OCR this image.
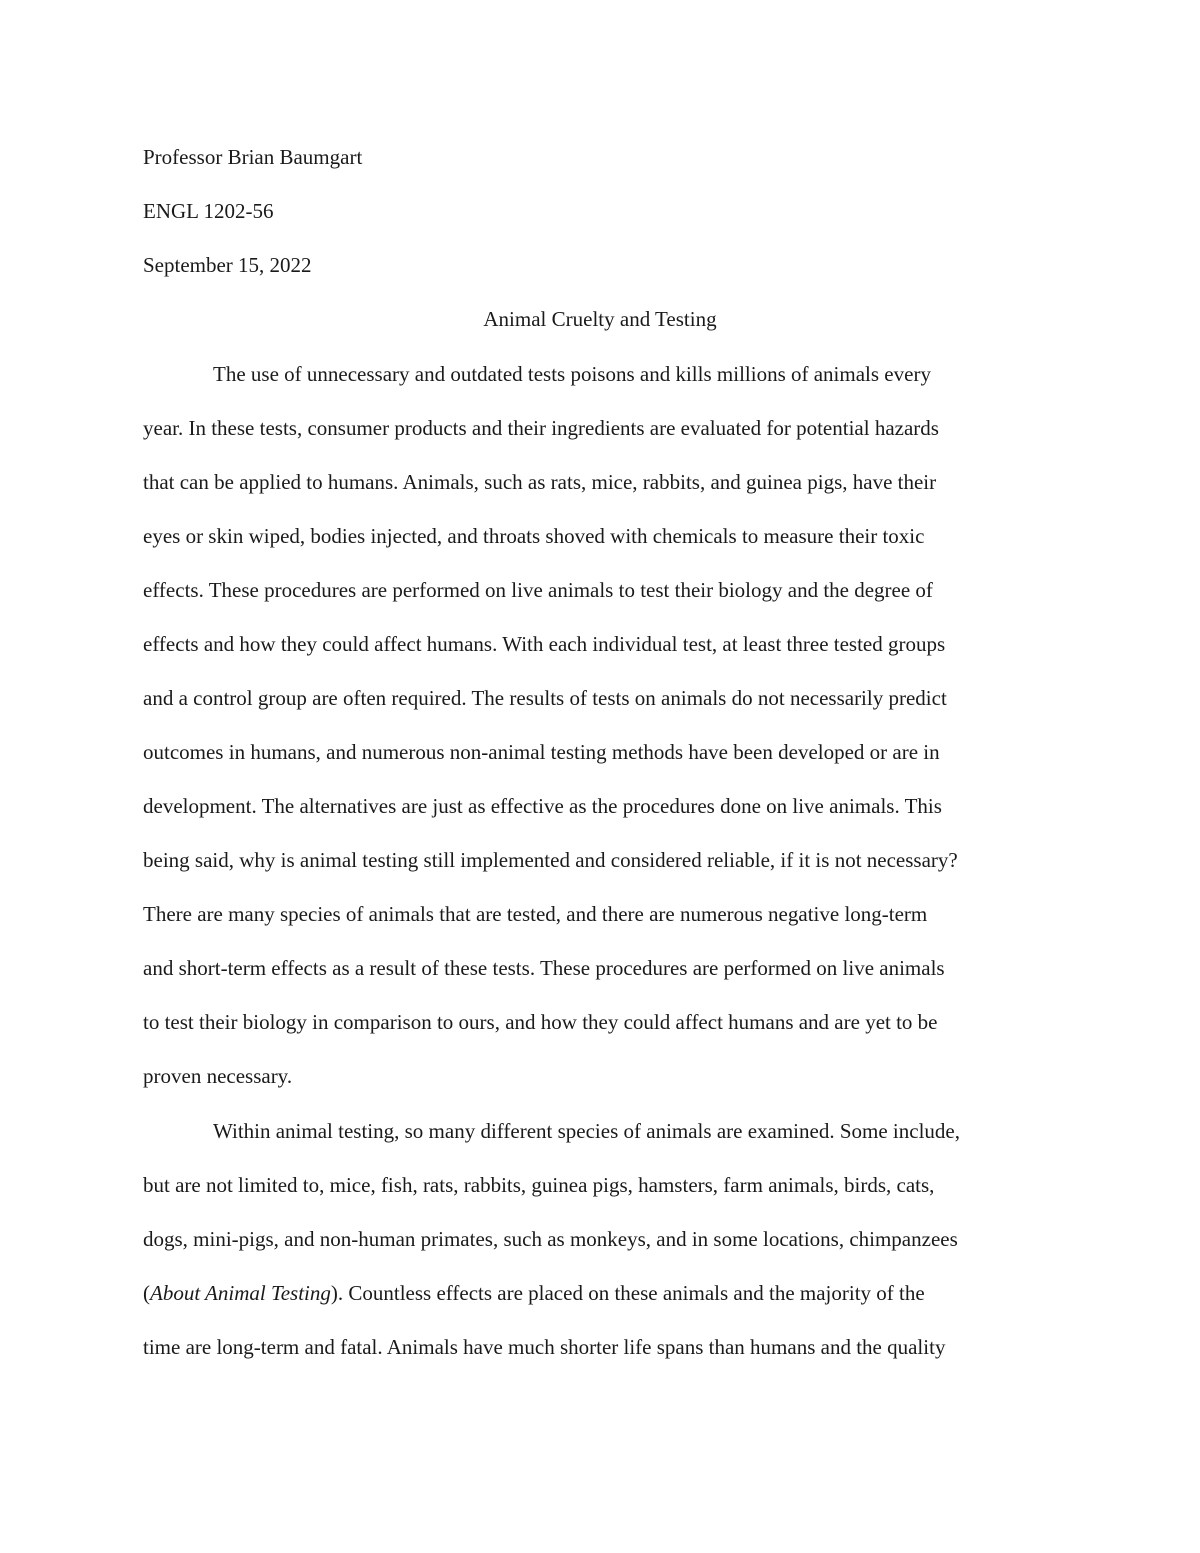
Professor Brian Baumgart
ENGL 1202-56
September 15, 2022
Animal Cruelty and Testing
The use of unnecessary and outdated tests poisons and kills millions of animals every
year. In these tests, consumer products and their ingredients are evaluated for potential hazards
that can be applied to humans. Animals, such as rats, mice, rabbits, and guinea pigs, have their
eyes or skin wiped, bodies injected, and throats shoved with chemicals to measure their toxic
effects. These procedures are performed on live animals to test their biology and the degree of
effects and how they could affect humans. With each individual test, at least three tested groups
and a control group are often required. The results of tests on animals do not necessarily predict
outcomes in humans, and numerous non-animal testing methods have been developed or are in
development. The alternatives are just as effective as the procedures done on live animals. This
being said, why is animal testing still implemented and considered reliable, if it is not necessary?
There are many species of animals that are tested, and there are numerous negative long-term
and short-term effects as a result of these tests. These procedures are performed on live animals
to test their biology in comparison to ours, and how they could affect humans and are yet to be
proven necessary.
Within animal testing, so many different species of animals are examined. Some include,
but are not limited to, mice, fish, rats, rabbits, guinea pigs, hamsters, farm animals, birds, cats,
dogs, mini-pigs, and non-human primates, such as monkeys, and in some locations, chimpanzees
(About Animal Testing). Countless effects are placed on these animals and the majority of the
time are long-term and fatal. Animals have much shorter life spans than humans and the quality
